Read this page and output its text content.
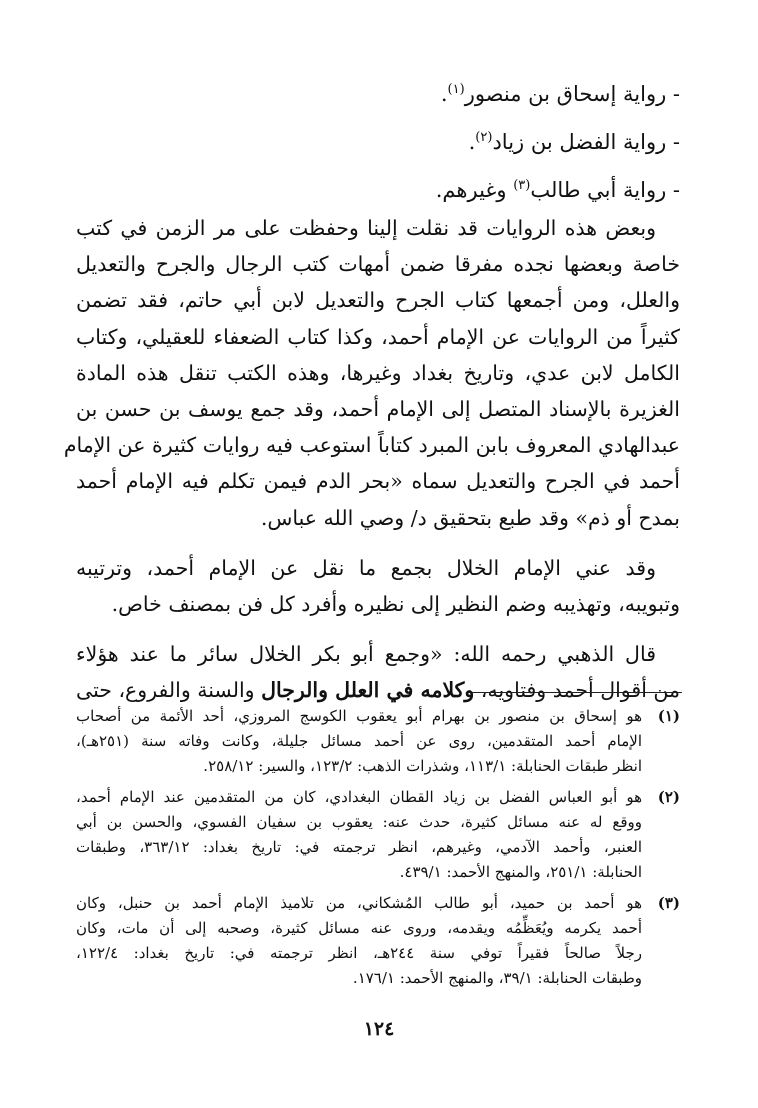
- رواية إسحاق بن منصور$^{(١)}$.
- رواية الفضل بن زياد$^{(٢)}$.
- رواية أبي طالب$^{(٣)}$ وغيرهم.

وبعض هذه الروايات قد نقلت إلينا وحفظت على مر الزمن في كتب
خاصة وبعضها نجده مفرقا ضمن أمهات كتب الرجال والجرح والتعديل
والعلل، ومن أجمعها كتاب الجرح والتعديل لابن أبي حاتم، فقد تضمن
كثيراً من الروايات عن الإمام أحمد، وكذا كتاب الضعفاء للعقيلي، وكتاب
الكامل لابن عدي، وتاريخ بغداد وغيرها، وهذه الكتب تنقل هذه المادة
الغزيرة بالإسناد المتصل إلى الإمام أحمد، وقد جمع يوسف بن حسن بن
عبدالهادي المعروف بابن المبرد كتاباً استوعب فيه روايات كثيرة عن الإمام
أحمد في الجرح والتعديل سماه «بحر الدم فيمن تكلم فيه الإمام أحمد
بمدح أو ذم» وقد طبع بتحقيق د/ وصي الله عباس.

وقد عني الإمام الخلال بجمع ما نقل عن الإمام أحمد، وترتيبه
وتبويبه، وتهذيبه وضم النظير إلى نظيره وأفرد كل فن بمصنف خاص.

قال الذهبي رحمه الله: «وجمع أبو بكر الخلال سائر ما عند هؤلاء
من أقوال أحمد وفتاويه، وكلامه في العلل والرجال والسنة والفروع، حتى

(١)
هو إسحاق بن منصور بن بهرام أبو يعقوب الكوسج المروزي، أحد الأئمة من أصحاب
الإمام أحمد المتقدمين، روى عن أحمد مسائل جليلة، وكانت وفاته سنة (٢٥١هـ)،
انظر طبقات الحنابلة: ١١٣/١، وشذرات الذهب: ١٢٣/٢، والسير: ٢٥٨/١٢.
(٢)
هو أبو العباس الفضل بن زياد القطان البغدادي، كان من المتقدمين عند الإمام أحمد،
ووقع له عنه مسائل كثيرة، حدث عنه: يعقوب بن سفيان الفسوي، والحسن بن أبي
العنبر، وأحمد الآدمي، وغيرهم، انظر ترجمته في: تاريخ بغداد: ٣٦٣/١٢، وطبقات
الحنابلة: ٢٥١/١، والمنهج الأحمد: ٤٣٩/١.
(٣)
هو أحمد بن حميد، أبو طالب المُشكاني، من تلاميذ الإمام أحمد بن حنبل، وكان
أحمد يكرمه ويُعَظِّمُه ويقدمه، وروى عنه مسائل كثيرة، وصحبه إلى أن مات، وكان
رجلاً صالحاً فقيراً توفي سنة ٢٤٤هـ، انظر ترجمته في: تاريخ بغداد: ١٢٢/٤،
وطبقات الحنابلة: ٣٩/١، والمنهج الأحمد: ١٧٦/١.
١٢٤
